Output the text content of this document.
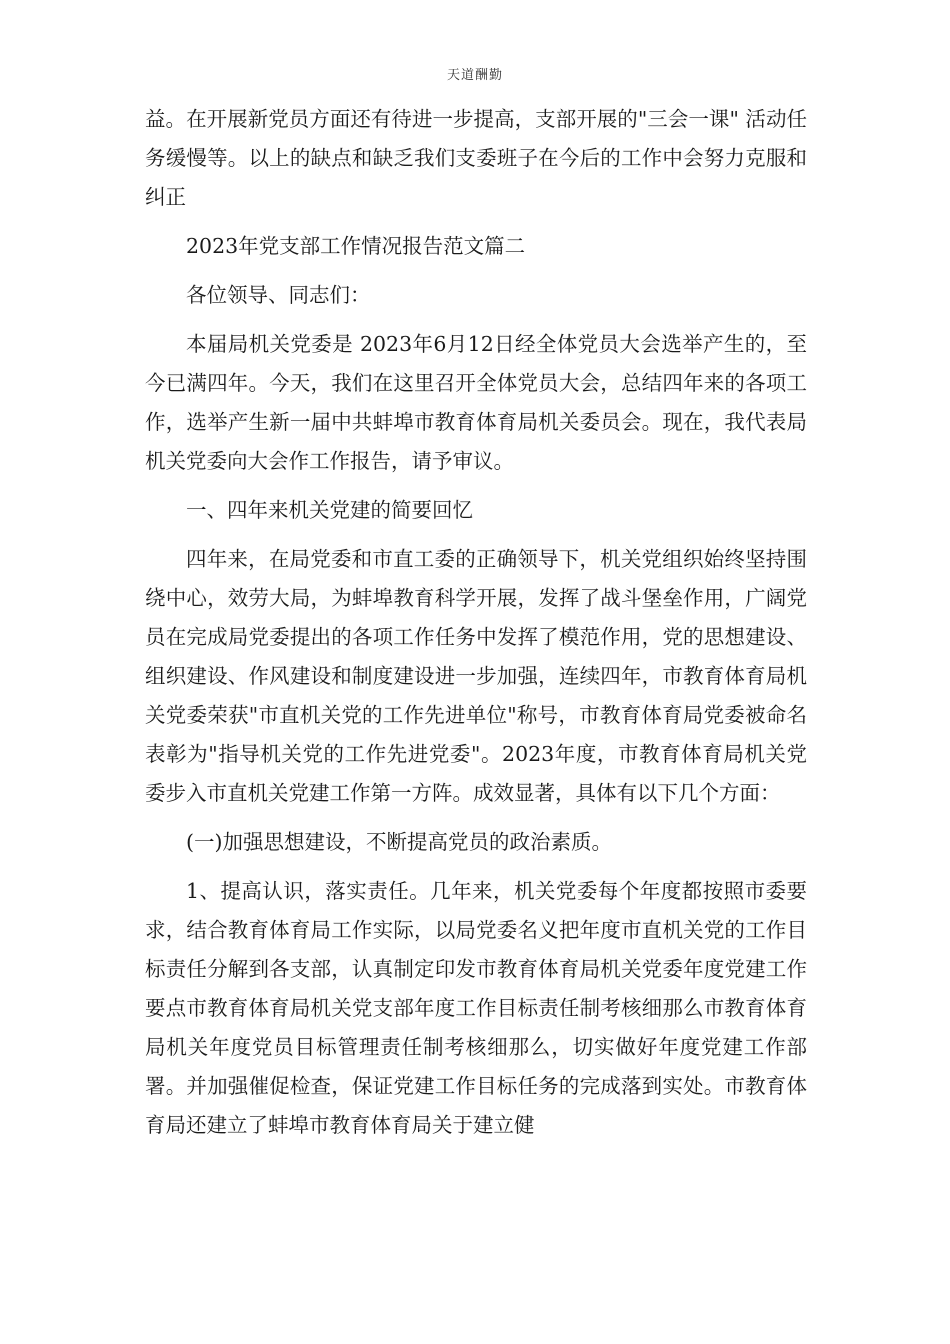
天道酬勤

益。在开展新党员方面还有待进一步提高，支部开展的"三会一课" 活动任务缓慢等。以上的缺点和缺乏我们支委班子在今后的工作中会努力克服和纠正

2023年党支部工作情况报告范文篇二

各位领导、同志们：

本届局机关党委是 2023年6月12日经全体党员大会选举产生的，至今已满四年。今天，我们在这里召开全体党员大会，总结四年来的各项工作，选举产生新一届中共蚌埠市教育体育局机关委员会。现在，我代表局机关党委向大会作工作报告，请予审议。

一、四年来机关党建的简要回忆

四年来，在局党委和市直工委的正确领导下，机关党组织始终坚持围绕中心，效劳大局，为蚌埠教育科学开展，发挥了战斗堡垒作用，广阔党员在完成局党委提出的各项工作任务中发挥了模范作用，党的思想建设、组织建设、作风建设和制度建设进一步加强，连续四年，市教育体育局机关党委荣获"市直机关党的工作先进单位"称号，市教育体育局党委被命名表彰为"指导机关党的工作先进党委"。2023年度，市教育体育局机关党委步入市直机关党建工作第一方阵。成效显著，具体有以下几个方面：

(一)加强思想建设，不断提高党员的政治素质。

1、提高认识，落实责任。几年来，机关党委每个年度都按照市委要求，结合教育体育局工作实际，以局党委名义把年度市直机关党的工作目标责任分解到各支部，认真制定印发市教育体育局机关党委年度党建工作要点市教育体育局机关党支部年度工作目标责任制考核细那么市教育体育局机关年度党员目标管理责任制考核细那么，切实做好年度党建工作部署。并加强催促检查，保证党建工作目标任务的完成落到实处。市教育体育局还建立了蚌埠市教育体育局关于建立健
